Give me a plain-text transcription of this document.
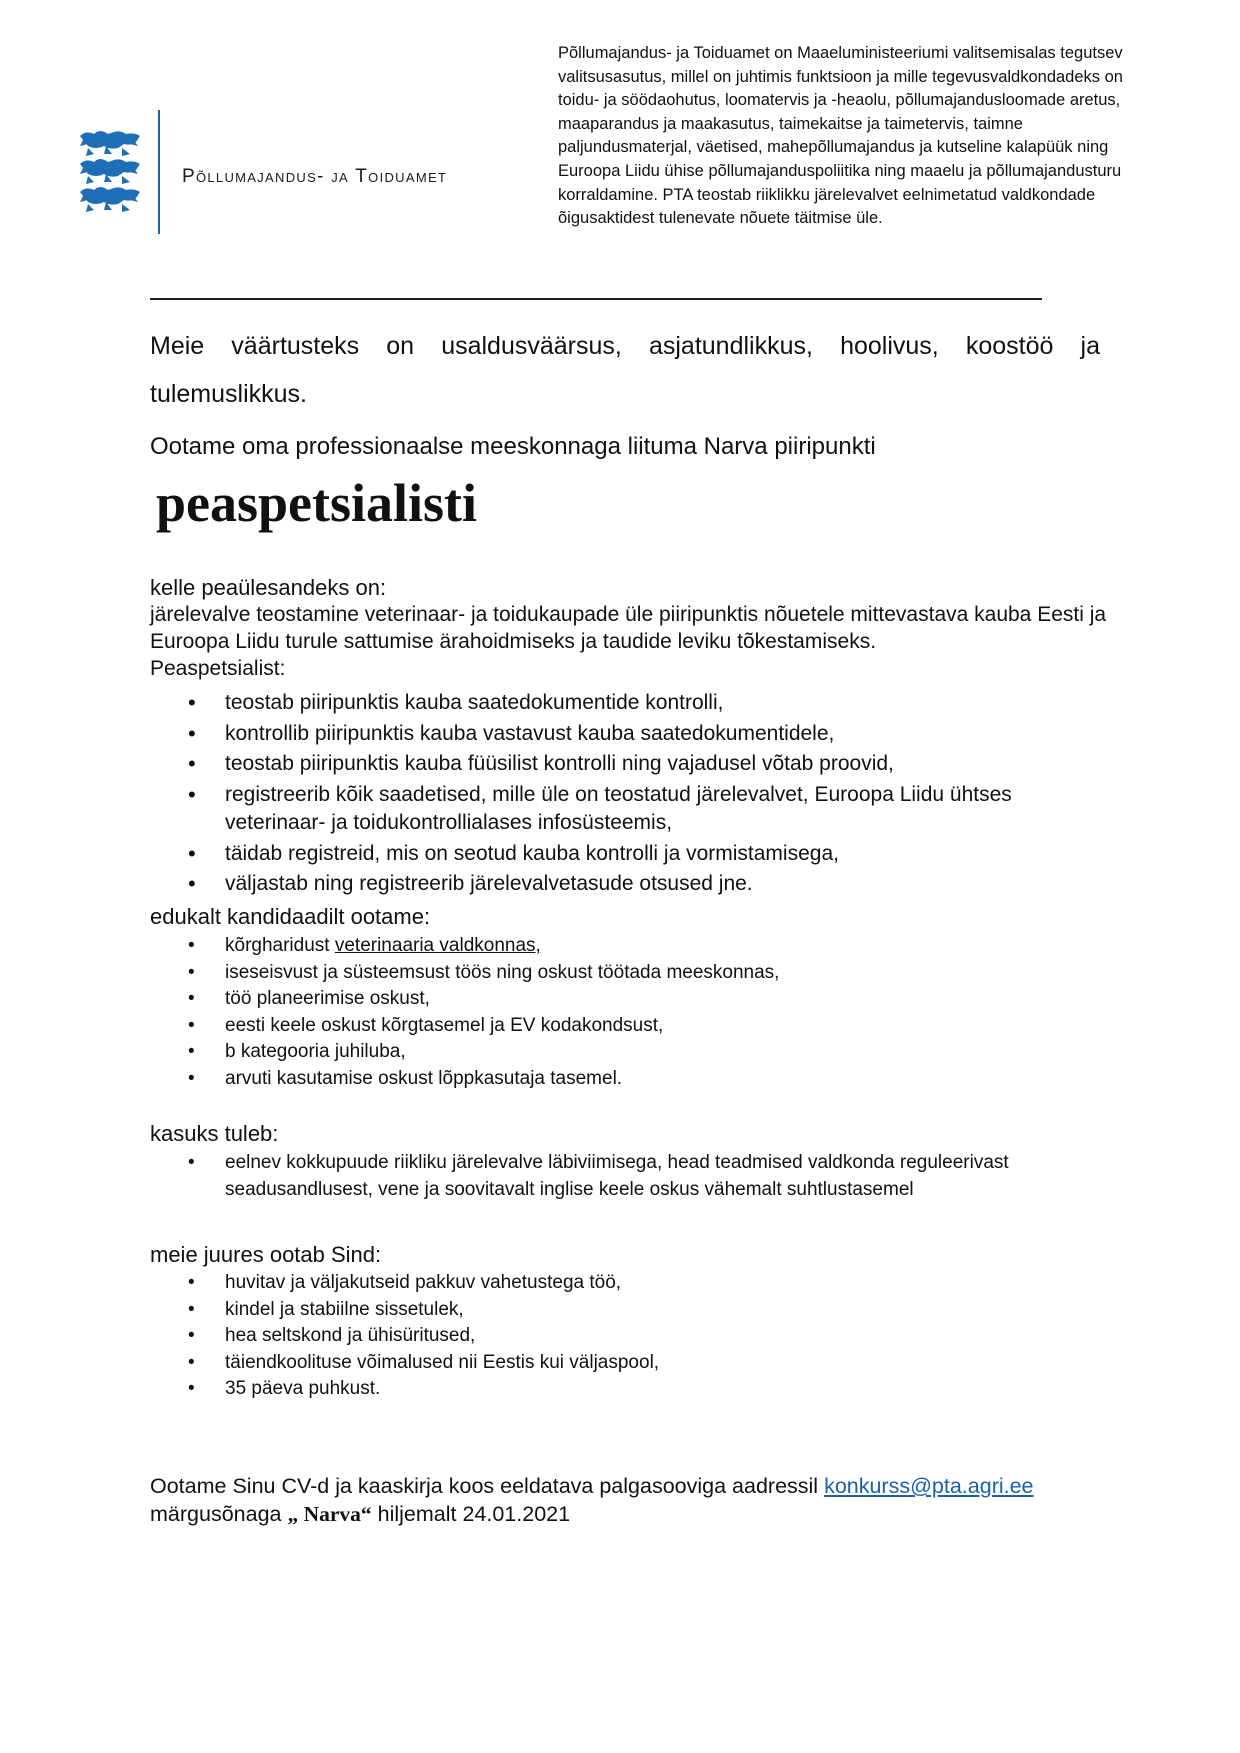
Põllumajandus- ja Toiduamet
Põllumajandus- ja Toiduamet on Maaeluministeeriumi valitsemisalas tegutsev valitsusasutus, millel on juhtimis funktsioon ja mille tegevusvaldkondadeks on toidu- ja söödaohutus, loomatervis ja -heaolu, põllumajandusloomade aretus, maaparandus ja maakasutus, taimekaitse ja taimetervis, taimne paljundusmaterjal, väetised, mahepõllumajandus ja kutseline kalapüük ning Euroopa Liidu ühise põllumajanduspoliitika ning maaelu ja põllumajandusturu korraldamine. PTA teostab riiklikku järelevalvet eelnimetatud valdkondade õigusaktidest tulenevate nõuete täitmise üle.
Meie väärtusteks on usaldusväärsus, asjatundlikkus, hoolivus, koostöö ja tulemuslikkus.
Ootame oma professionaalse meeskonnaga liituma Narva piiripunkti
peaspetsialisti
kelle peaülesandeks on:
järelevalve teostamine veterinaar- ja toidukaupade üle piiripunktis nõuetele mittevastava kauba Eesti ja Euroopa Liidu turule sattumise ärahoidmiseks ja taudide leviku tõkestamiseks.
Peaspetsialist:
• teostab piiripunktis kauba saatedokumentide kontrolli,
• kontrollib piiripunktis kauba vastavust kauba saatedokumentidele,
• teostab piiripunktis kauba füüsilist kontrolli ning vajadusel võtab proovid,
• registreerib kõik saadetised, mille üle on teostatud järelevalvet, Euroopa Liidu ühtses veterinaar- ja toidukontrollialases infosüsteemis,
• täidab registreid, mis on seotud kauba kontrolli ja vormistamisega,
• väljastab ning registreerib järelevalvetasude otsused jne.
edukalt kandidaadilt ootame:
• kõrgharidust veterinaaria valdkonnas,
• iseseisvust ja süsteemsust töös ning oskust töötada meeskonnas,
• töö planeerimise oskust,
• eesti keele oskust kõrgtasemel ja EV kodakondsust,
• b kategooria juhiluba,
• arvuti kasutamise oskust lõppkasutaja tasemel.
kasuks tuleb:
• eelnev kokkupuude riikliku järelevalve läbiviimisega, head teadmised valdkonda reguleerivast seadusandlusest, vene ja soovitavalt inglise keele oskus vähemalt suhtlustasemel
meie juures ootab Sind:
• huvitav ja väljakutseid pakkuv vahetustega töö,
• kindel ja stabiilne sissetulek,
• hea seltskond ja ühisüritused,
• täiendkoolituse võimalused nii Eestis kui väljaspool,
• 35 päeva puhkust.
Ootame Sinu CV-d ja kaaskirja koos eeldatava palgasooviga aadressil konkurss@pta.agri.ee
märgusõnaga „ Narva“ hiljemalt 24.01.2021
